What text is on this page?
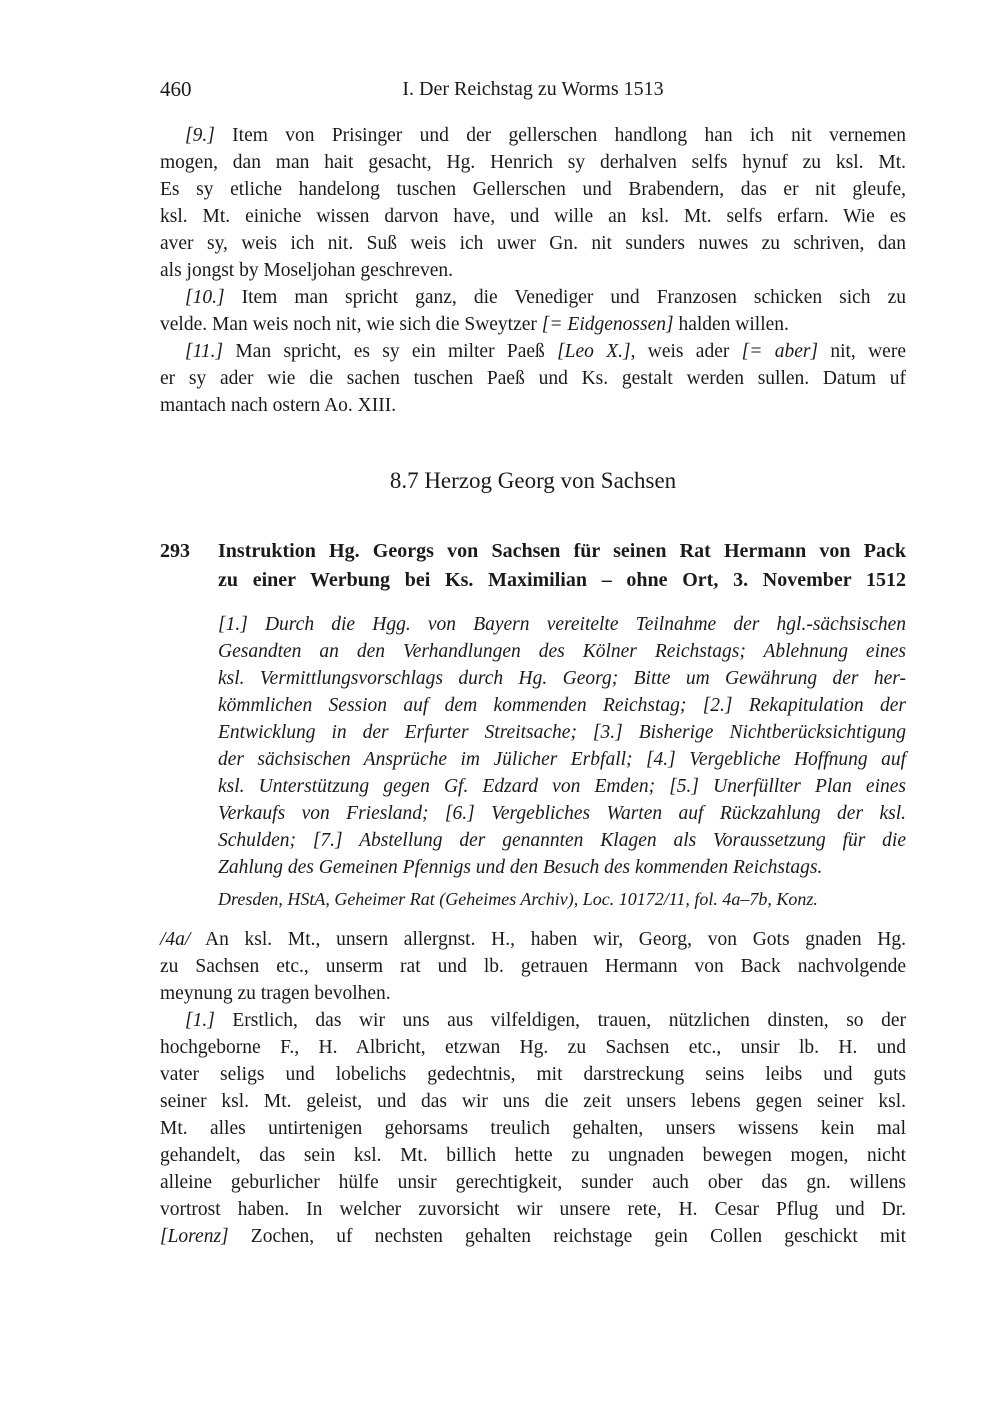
460	I. Der Reichstag zu Worms 1513
[9.] Item von Prisinger und der gellerschen handlong han ich nit vernemen
mogen, dan man hait gesacht, Hg. Henrich sy derhalven selfs hynuf zu ksl. Mt.
Es sy etliche handelong tuschen Gellerschen und Brabendern, das er nit gleufe,
ksl. Mt. einiche wissen darvon have, und wille an ksl. Mt. selfs erfarn. Wie es
aver sy, weis ich nit. Suß weis ich uwer Gn. nit sunders nuwes zu schriven, dan
als jongst by Moseljohan geschreven.
[10.] Item man spricht ganz, die Venediger und Franzosen schicken sich zu
velde. Man weis noch nit, wie sich die Sweytzer [= Eidgenossen] halden willen.
[11.] Man spricht, es sy ein milter Paeß [Leo X.], weis ader [= aber] nit, were
er sy ader wie die sachen tuschen Paeß und Ks. gestalt werden sullen. Datum uf
mantach nach ostern Ao. XIII.
8.7 Herzog Georg von Sachsen
293	Instruktion Hg. Georgs von Sachsen für seinen Rat Hermann von Pack
zu einer Werbung bei Ks. Maximilian – ohne Ort, 3. November 1512
[1.] Durch die Hgg. von Bayern vereitelte Teilnahme der hgl.-sächsischen
Gesandten an den Verhandlungen des Kölner Reichstags; Ablehnung eines
ksl. Vermittlungsvorschlags durch Hg. Georg; Bitte um Gewährung der her-
kömmlichen Session auf dem kommenden Reichstag; [2.] Rekapitulation der
Entwicklung in der Erfurter Streitsache; [3.] Bisherige Nichtberücksichtigung
der sächsischen Ansprüche im Jülicher Erbfall; [4.] Vergebliche Hoffnung auf
ksl. Unterstützung gegen Gf. Edzard von Emden; [5.] Unerfüllter Plan eines
Verkaufs von Friesland; [6.] Vergebliches Warten auf Rückzahlung der ksl.
Schulden; [7.] Abstellung der genannten Klagen als Voraussetzung für die
Zahlung des Gemeinen Pfennigs und den Besuch des kommenden Reichstags.
Dresden, HStA, Geheimer Rat (Geheimes Archiv), Loc. 10172/11, fol. 4a–7b, Konz.
/4a/ An ksl. Mt., unsern allergnst. H., haben wir, Georg, von Gots gnaden Hg.
zu Sachsen etc., unserm rat und lb. getrauen Hermann von Back nachvolgende
meynung zu tragen bevolhen.
[1.] Erstlich, das wir uns aus vilfeldigen, trauen, nützlichen dinsten, so der
hochgeborne F., H. Albricht, etzwan Hg. zu Sachsen etc., unsir lb. H. und
vater seligs und lobelichs gedechtnis, mit darstreckung seins leibs und guts
seiner ksl. Mt. geleist, und das wir uns die zeit unsers lebens gegen seiner ksl.
Mt. alles untirtenigen gehorsams treulich gehalten, unsers wissens kein mal
gehandelt, das sein ksl. Mt. billich hette zu ungnaden bewegen mogen, nicht
alleine geburlicher hülfe unsir gerechtigkeit, sunder auch ober das gn. willens
vortrost haben. In welcher zuvorsicht wir unsere rete, H. Cesar Pflug und Dr.
[Lorenz] Zochen, uf nechsten gehalten reichstage gein Collen geschickt mit
